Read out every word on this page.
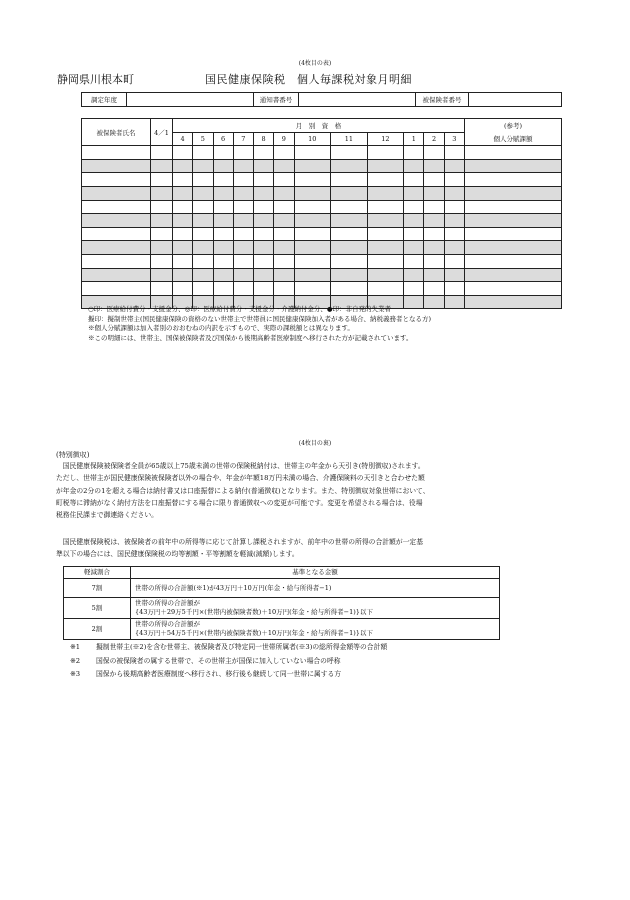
(4枚目の表)
静岡県川根本町	国民健康保険税　個人毎課税対象月明細
調定年度		通知書番号		被保険者番号	
被保険者氏名	4／1	月　別　資　格												(参考)
		4	5	6	7	8	9	10	11	12	1	2	3	個人分賦課額

○印：医療給付費分・支援金分、◎印：医療給付費分・支援金分・介護納付金分、●印：非自発的失業者
擬印：擬制世帯主(国民健康保険の資格のない世帯主で世帯員に国民健康保険加入者がある場合、納税義務者となる方)
※個人分賦課額は加入者別のおおむねの内訳を示すもので、実際の課税額とは異なります。
※この明細には、世帯主、国保被保険者及び国保から後期高齢者医療制度へ移行された方が記載されています。
(4枚目の裏)
(特別徴収)
　国民健康保険被保険者全員が65歳以上75歳未満の世帯の保険税納付は、世帯主の年金から天引き(特別徴収)されます。
ただし、世帯主が国民健康保険被保険者以外の場合や、年金が年額18万円未満の場合、介護保険料の天引きと合わせた額
が年金の2分の1を超える場合は納付書又は口座振替による納付(普通徴収)となります。また、特別徴収対象世帯において、
町税等に滞納がなく納付方法を口座振替にする場合に限り普通徴収への変更が可能です。変更を希望される場合は、役場
税務住民課まで御連絡ください。
　国民健康保険税は、被保険者の前年中の所得等に応じて計算し課税されますが、前年中の世帯の所得の合計額が一定基
準以下の場合には、国民健康保険税の均等割額・平等割額を軽減(減額)します。
軽減割合	基準となる金額
7割	世帯の所得の合計額(※1)が43万円＋10万円(年金・給与所得者−1)

5割	世帯の所得の合計額が
{43万円＋29万5千円×(世帯内被保険者数)＋10万円(年金・給与所得者−1)}以下

2割	世帯の所得の合計額が
{43万円＋54万5千円×(世帯内被保険者数)＋10万円(年金・給与所得者−1)}以下
※1 擬制世帯主(※2)を含む世帯主、被保険者及び特定同一世帯所属者(※3)の総所得金額等の合計額
※2 国保の被保険者の属する世帯で、その世帯主が国保に加入していない場合の呼称
※3 国保から後期高齢者医療制度へ移行され、移行後も継続して同一世帯に属する方
